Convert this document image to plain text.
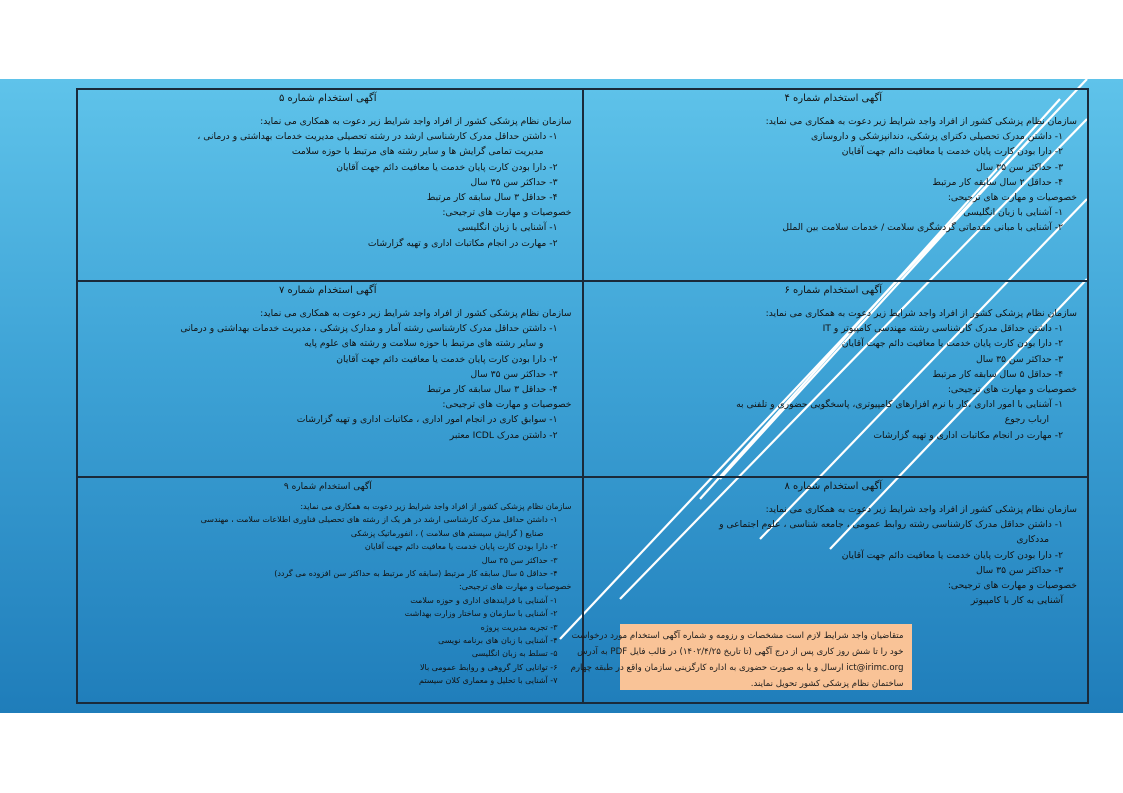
آگهی استخدام شماره ۵

سازمان نظام پزشکی کشور از افراد واجد شرایط زیر دعوت به همکاری می نماید:

۱- داشتن حداقل مدرک کارشناسی ارشد در رشته تحصیلی مدیریت خدمات بهداشتی و درمانی ،

مدیریت تمامی گرایش ها و سایر رشته های مرتبط با حوزه سلامت

۲- دارا بودن کارت پایان خدمت یا معافیت دائم جهت آقایان

۳- حداکثر سن ۳۵ سال

۴- حداقل ۳ سال سابقه کار مرتبط

خصوصیات و مهارت های ترجیحی:

۱- آشنایی با زبان انگلیسی

۲- مهارت در انجام مکاتبات اداری و تهیه گزارشات

آگهی استخدام شماره ۴

سازمان نظام پزشکی کشور از افراد واجد شرایط زیر دعوت به همکاری می نماید:

۱- داشتن مدرک تحصیلی دکترای پزشکی، دندانپزشکی و داروسازی

۲- دارا بودن کارت پایان خدمت یا معافیت دائم جهت آقایان

۳- حداکثر سن ۳۵ سال

۴- حداقل ۲ سال سابقه کار مرتبط

خصوصیات و مهارت های ترجیحی:

۱- آشنایی با زبان انگلیسی

۲- آشنایی با مبانی مقدماتی گردشگری سلامت / خدمات سلامت بین الملل

آگهی استخدام شماره ۷

سازمان نظام پزشکی کشور از افراد واجد شرایط زیر دعوت به همکاری می نماید:

۱- داشتن حداقل مدرک کارشناسی رشته آمار و مدارک پزشکی ، مدیریت خدمات بهداشتی و درمانی

و سایر رشته های مرتبط با حوزه سلامت و رشته های علوم پایه

۲- دارا بودن کارت پایان خدمت یا معافیت دائم جهت آقایان

۳- حداکثر سن ۳۵ سال

۴- حداقل ۳ سال سابقه کار مرتبط

خصوصیات و مهارت های ترجیحی:

۱- سوابق کاری در انجام امور اداری ، مکاتبات اداری و تهیه گزارشات

۲- داشتن مدرک ICDL معتبر

آگهی استخدام شماره ۶

سازمان نظام پزشکی کشور از افراد واجد شرایط زیر دعوت به همکاری می نماید:

۱- داشتن حداقل مدرک کارشناسی رشته مهندسی کامپیوتر و IT

۲- دارا بودن کارت پایان خدمت یا معافیت دائم جهت آقایان

۳- حداکثر سن ۳۵ سال

۴- حداقل ۵ سال سابقه کار مرتبط

خصوصیات و مهارت های ترجیحی:

۱- آشنایی با امور اداری ،کار با نرم افزارهای کامپیوتری، پاسخگویی حضوری و تلفنی به

ارباب رجوع

۲- مهارت در انجام مکاتبات اداری و تهیه گزارشات

آگهی استخدام شماره ۹

سازمان نظام پزشکی کشور از افراد واجد شرایط زیر دعوت به همکاری می نماید:

۱- داشتن حداقل مدرک کارشناسی ارشد در هر یک از رشته های تحصیلی فناوری اطلاعات سلامت ، مهندسی

صنایع ( گرایش سیستم های سلامت ) ، انفورماتیک پزشکی

۲- دارا بودن کارت پایان خدمت یا معافیت دائم جهت آقایان

۳- حداکثر سن ۳۵ سال

۴- حداقل ۵ سال سابقه کار مرتبط (سابقه کار مرتبط به حداکثر سن افزوده می گردد)

خصوصیات و مهارت های ترجیحی:

۱- آشنایی با فرایندهای اداری و حوزه سلامت

۲- آشنایی با سازمان و ساختار وزارت بهداشت

۳- تجربه مدیریت پروژه

۴- آشنایی با زبان های برنامه نویسی

۵- تسلط به زبان انگلیسی

۶- توانایی کار گروهی و روابط عمومی بالا

۷- آشنایی با تحلیل و معماری کلان سیستم

آگهی استخدام شماره ۸

سازمان نظام پزشکی کشور از افراد واجد شرایط زیر دعوت به همکاری می نماید:

۱- داشتن حداقل مدرک کارشناسی رشته روابط عمومی ، جامعه شناسی ، علوم اجتماعی و

مددکاری

۲- دارا بودن کارت پایان خدمت یا معافیت دائم جهت آقایان

۳- حداکثر سن ۳۵ سال

خصوصیات و مهارت های ترجیحی:

آشنایی به کار با کامپیوتر

متقاضیان واجد شرایط لازم است مشخصات و رزومه و شماره آگهی استخدام مورد درخواست

خود را تا شش روز کاری پس از درج آگهی (تا تاریخ ۱۴۰۲/۴/۲۵) در قالب فایل PDF به آدرس

ict@irimc.org ارسال و یا به صورت حضوری به اداره کارگزینی سازمان واقع در طبقه چهارم

ساختمان نظام پزشکی کشور تحویل نمایند.
